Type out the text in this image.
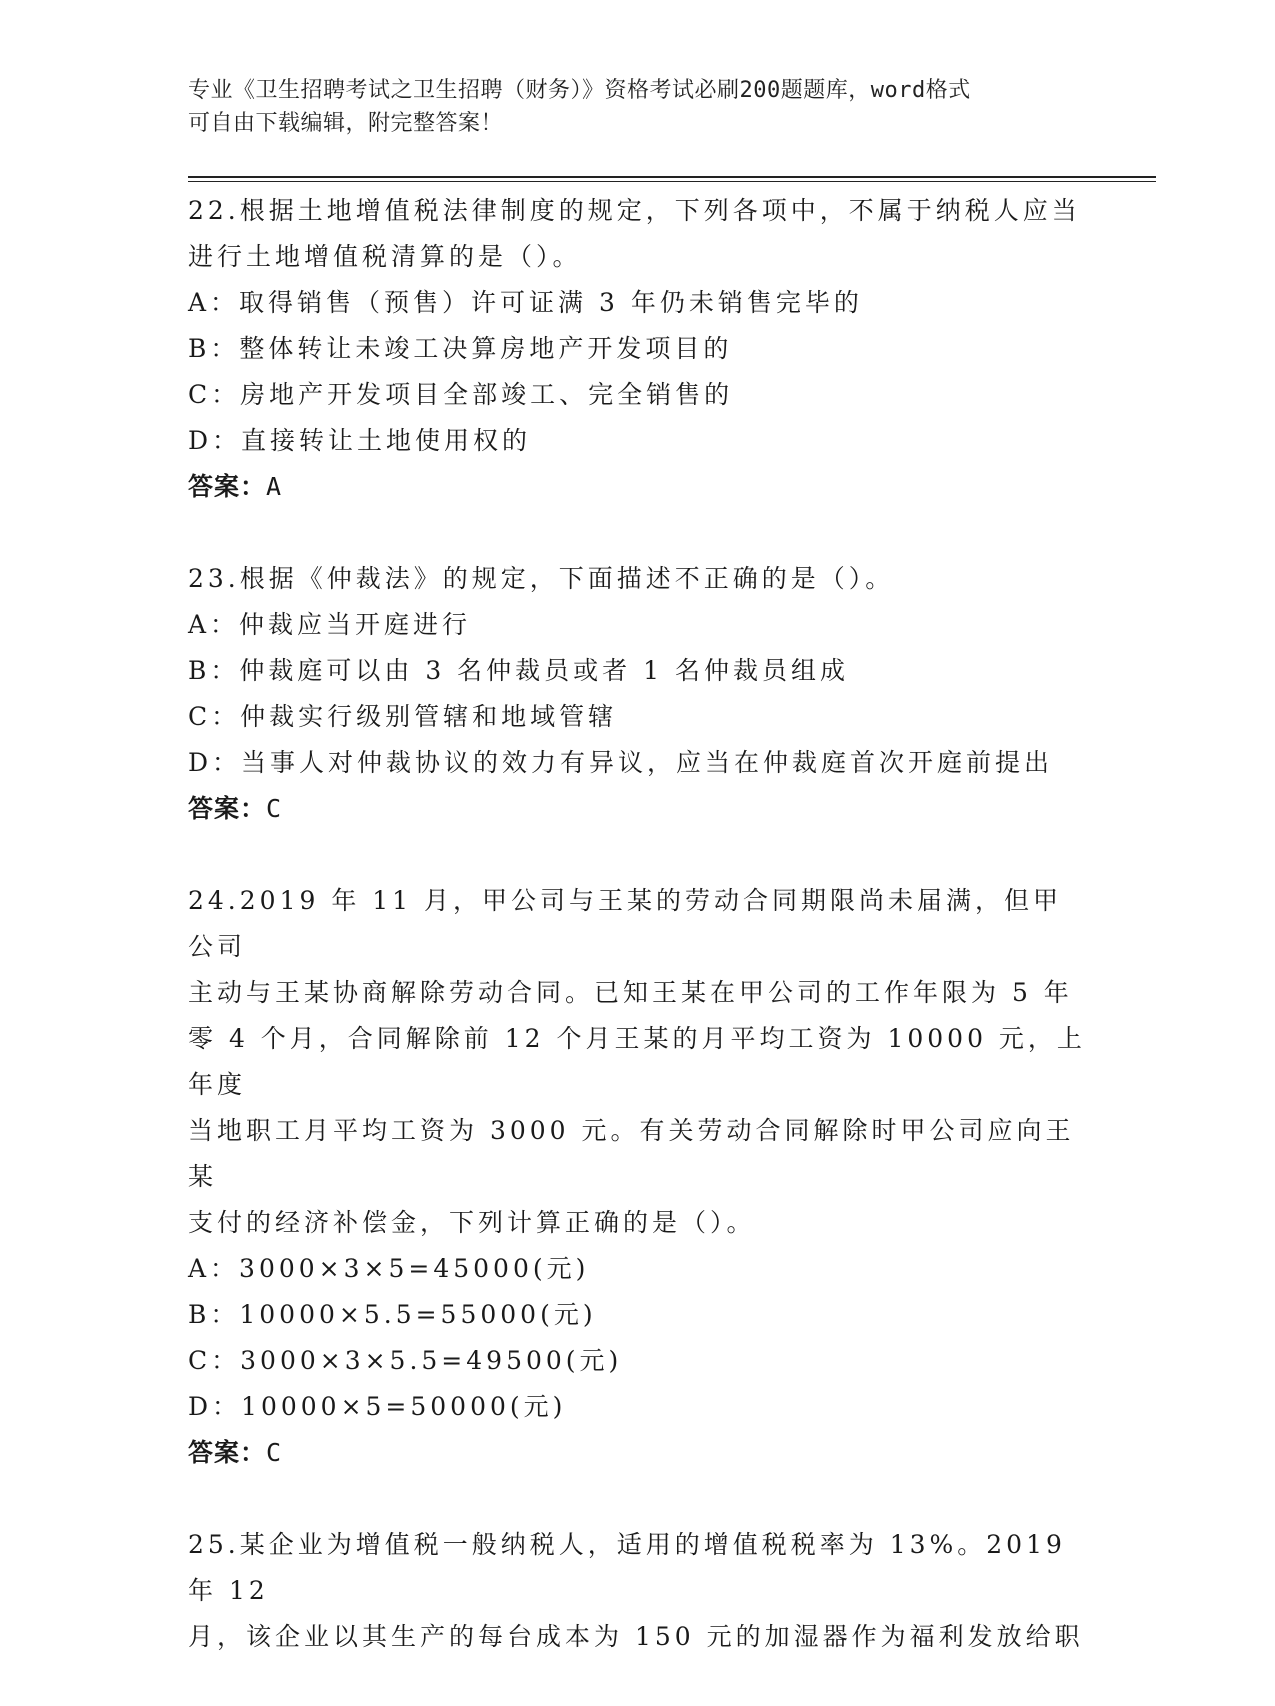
专业《卫生招聘考试之卫生招聘（财务）》资格考试必刷200题题库，word格式
可自由下载编辑，附完整答案！
22.根据土地增值税法律制度的规定，下列各项中，不属于纳税人应当
进行土地增值税清算的是（）。
A：取得销售（预售）许可证满 3 年仍未销售完毕的
B：整体转让未竣工决算房地产开发项目的
C：房地产开发项目全部竣工、完全销售的
D：直接转让土地使用权的
答案：A
23.根据《仲裁法》的规定，下面描述不正确的是（）。
A：仲裁应当开庭进行
B：仲裁庭可以由 3 名仲裁员或者 1 名仲裁员组成
C：仲裁实行级别管辖和地域管辖
D：当事人对仲裁协议的效力有异议，应当在仲裁庭首次开庭前提出
答案：C
24.2019 年 11 月，甲公司与王某的劳动合同期限尚未届满，但甲公司
主动与王某协商解除劳动合同。已知王某在甲公司的工作年限为 5 年
零 4 个月，合同解除前 12 个月王某的月平均工资为 10000 元，上年度
当地职工月平均工资为 3000 元。有关劳动合同解除时甲公司应向王某
支付的经济补偿金，下列计算正确的是（）。
A：3000×3×5=45000(元)
B：10000×5.5=55000(元)
C：3000×3×5.5=49500(元)
D：10000×5=50000(元)
答案：C
25.某企业为增值税一般纳税人，适用的增值税税率为 13%。2019 年 12
月，该企业以其生产的每台成本为 150 元的加湿器作为福利发放给职
